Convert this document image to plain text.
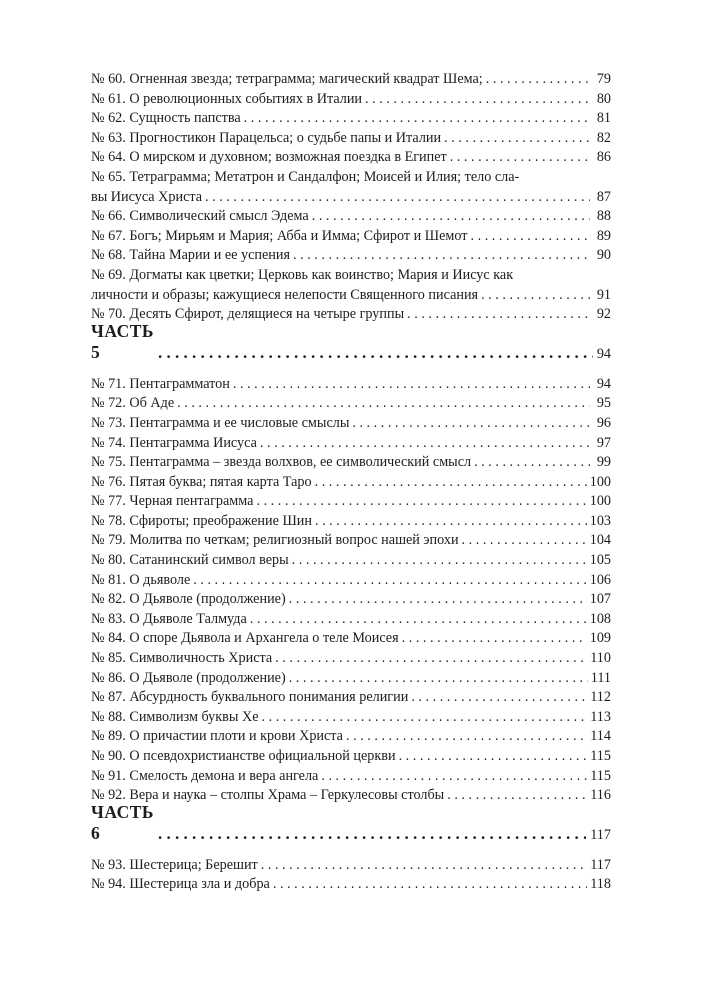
№ 60. Огненная звезда; тетраграмма; магический квадрат Шема; . . .	79
№ 61. О революционных событиях в Италии . . .	80
№ 62. Сущность папства . . .	81
№ 63. Прогностикон Парацельса; о судьбе папы и Италии . . .	82
№ 64. О мирском и духовном; возможная поездка в Египет . . .	86
№ 65. Тетраграмма; Метатрон и Сандалфон; Моисей и Илия; тело сла-
вы Иисуса Христа . . .	87
№ 66. Символический смысл Эдема . . .	88
№ 67. Богъ; Мирьям и Мария; Абба и Имма; Сфирот и Шемот . . .	89
№ 68. Тайна Марии и ее успения . . .	90
№ 69. Догматы как цветки; Церковь как воинство; Мария и Иисус как
личности и образы; кажущиеся нелепости Священного писания . . .	91
№ 70. Десять Сфирот, делящиеся на четыре группы . . .	92
ЧАСТЬ 5 . . .	94
№ 71. Пентаграмматон . . .	94
№ 72. Об Аде . . .	95
№ 73. Пентаграмма и ее числовые смыслы . . .	96
№ 74. Пентаграмма Иисуса . . .	97
№ 75. Пентаграмма – звезда волхвов, ее символический смысл . . .	99
№ 76. Пятая буква; пятая карта Таро . . .	100
№ 77. Черная пентаграмма . . .	100
№ 78. Сфироты; преображение Шин . . .	103
№ 79. Молитва по четкам; религиозный вопрос нашей эпохи . . .	104
№ 80. Сатанинский символ веры . . .	105
№ 81. О дьяволе . . .	106
№ 82. О Дьяволе (продолжение) . . .	107
№ 83. О Дьяволе Талмуда . . .	108
№ 84. О споре Дьявола и Архангела о теле Моисея . . .	109
№ 85. Символичность Христа . . .	110
№ 86. О Дьяволе (продолжение) . . .	111
№ 87. Абсурдность буквального понимания религии . . .	112
№ 88. Символизм буквы Хе . . .	113
№ 89. О причастии плоти и крови Христа . . .	114
№ 90. О псевдохристианстве официальной церкви . . .	115
№ 91. Смелость демона и вера ангела . . .	115
№ 92. Вера и наука – столпы Храма – Геркулесовы столбы . . .	116
ЧАСТЬ 6 . . .	117
№ 93. Шестерица; Берешит . . .	117
№ 94. Шестерица зла и добра . . .	118
